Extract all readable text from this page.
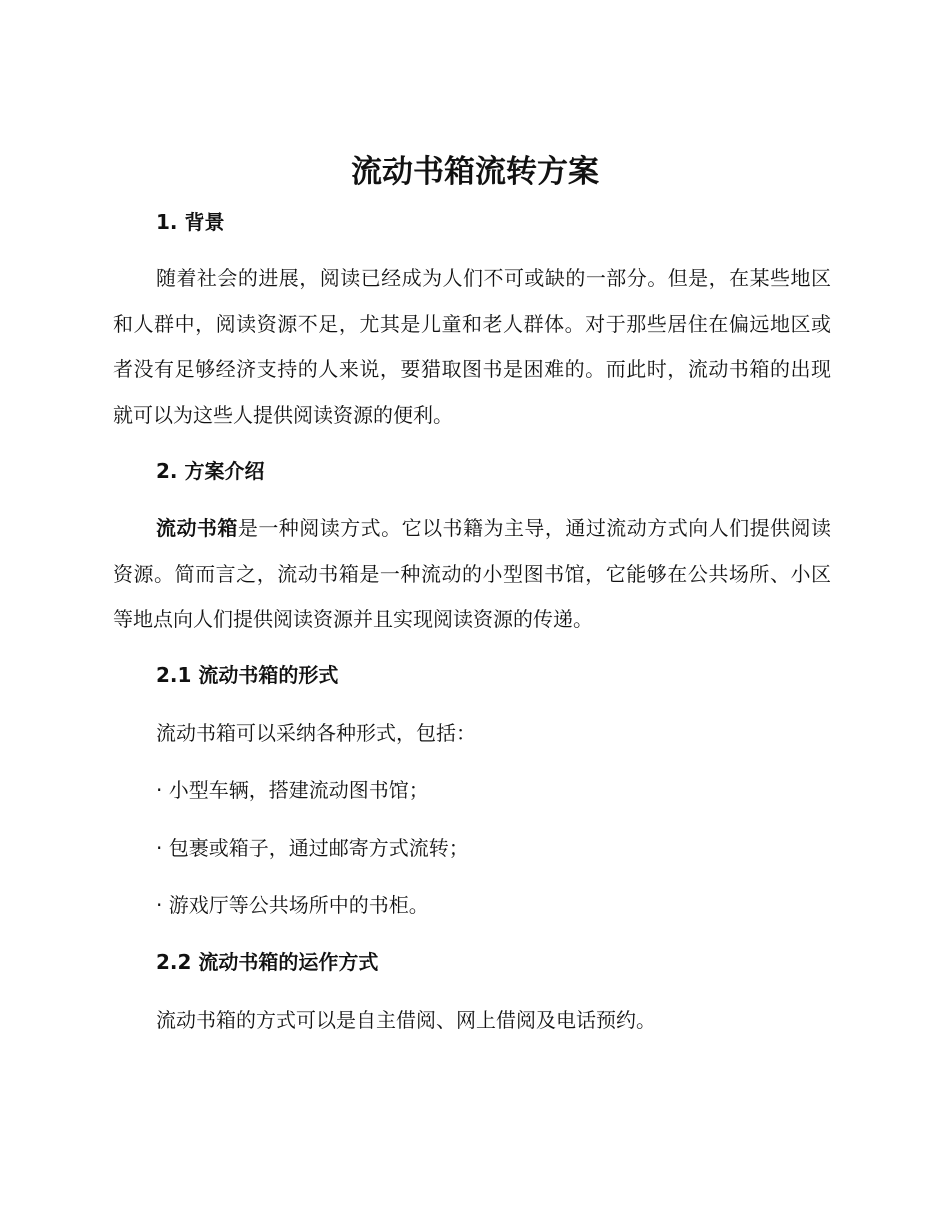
流动书箱流转方案
1. 背景

随着社会的进展，阅读已经成为人们不可或缺的一部分。但是，在某些地区和人群中，阅读资源不足，尤其是儿童和老人群体。对于那些居住在偏远地区或者没有足够经济支持的人来说，要猎取图书是困难的。而此时，流动书箱的出现就可以为这些人提供阅读资源的便利。

2. 方案介绍

流动书箱是一种阅读方式。它以书籍为主导，通过流动方式向人们提供阅读资源。简而言之，流动书箱是一种流动的小型图书馆，它能够在公共场所、小区等地点向人们提供阅读资源并且实现阅读资源的传递。

2.1 流动书箱的形式

流动书箱可以采纳各种形式，包括：

· 小型车辆，搭建流动图书馆；

· 包裹或箱子，通过邮寄方式流转；

· 游戏厅等公共场所中的书柜。

2.2 流动书箱的运作方式

流动书箱的方式可以是自主借阅、网上借阅及电话预约。
